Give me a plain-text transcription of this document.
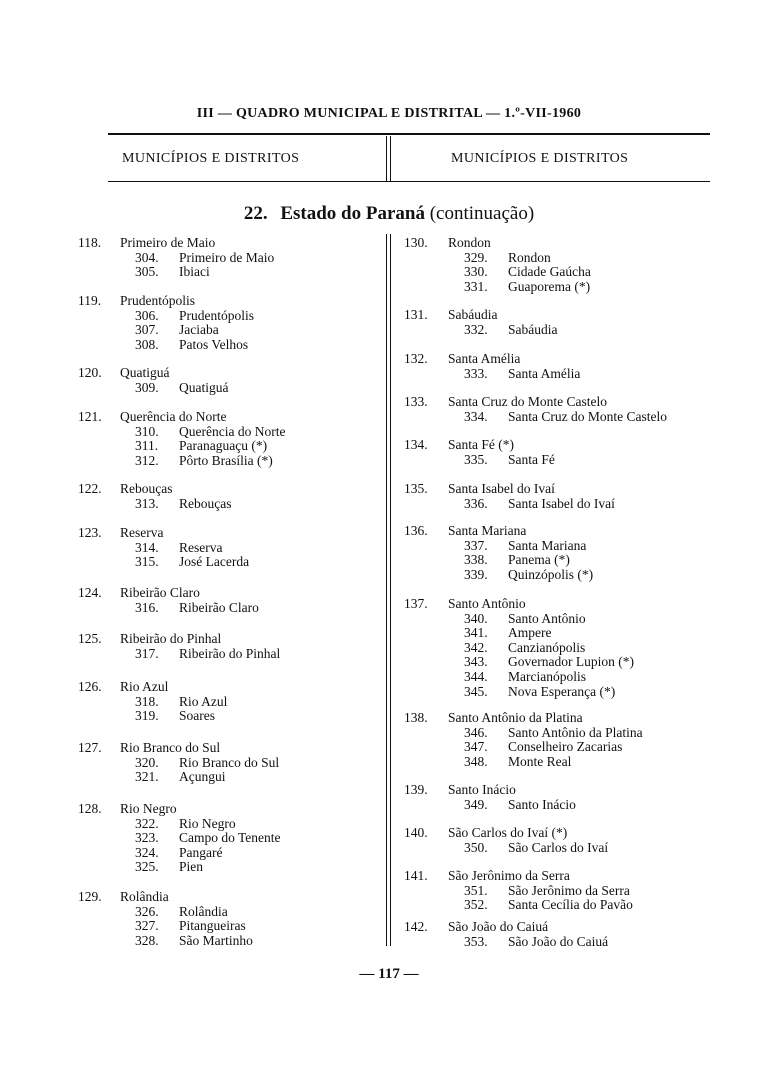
III — QUADRO MUNICIPAL E DISTRITAL — 1.º-VII-1960
MUNICÍPIOS E DISTRITOS	MUNICÍPIOS E DISTRITOS
22. Estado do Paraná (continuação)
118. Primeiro de Maio
304. Primeiro de Maio
305. Ibiaci
119. Prudentópolis
306. Prudentópolis
307. Jaciaba
308. Patos Velhos
120. Quatiguá
309. Quatiguá
121. Querência do Norte
310. Querência do Norte
311. Paranaguaçu (*)
312. Pôrto Brasília (*)
122. Rebouças
313. Rebouças
123. Reserva
314. Reserva
315. José Lacerda
124. Ribeirão Claro
316. Ribeirão Claro
125. Ribeirão do Pinhal
317. Ribeirão do Pinhal
126. Rio Azul
318. Rio Azul
319. Soares
127. Rio Branco do Sul
320. Rio Branco do Sul
321. Açungui
128. Rio Negro
322. Rio Negro
323. Campo do Tenente
324. Pangaré
325. Pien
129. Rolândia
326. Rolândia
327. Pitangueiras
328. São Martinho
130. Rondon
329. Rondon
330. Cidade Gaúcha
331. Guaporema (*)
131. Sabáudia
332. Sabáudia
132. Santa Amélia
333. Santa Amélia
133. Santa Cruz do Monte Castelo
334. Santa Cruz do Monte Castelo
134. Santa Fé (*)
335. Santa Fé
135. Santa Isabel do Ivaí
336. Santa Isabel do Ivaí
136. Santa Mariana
337. Santa Mariana
338. Panema (*)
339. Quinzópolis (*)
137. Santo Antônio
340. Santo Antônio
341. Ampere
342. Canzianópolis
343. Governador Lupion (*)
344. Marcianópolis
345. Nova Esperança (*)
138. Santo Antônio da Platina
346. Santo Antônio da Platina
347. Conselheiro Zacarias
348. Monte Real
139. Santo Inácio
349. Santo Inácio
140. São Carlos do Ivaí (*)
350. São Carlos do Ivaí
141. São Jerônimo da Serra
351. São Jerônimo da Serra
352. Santa Cecília do Pavão
142. São João do Caiuá
353. São João do Caiuá
— 117 —
